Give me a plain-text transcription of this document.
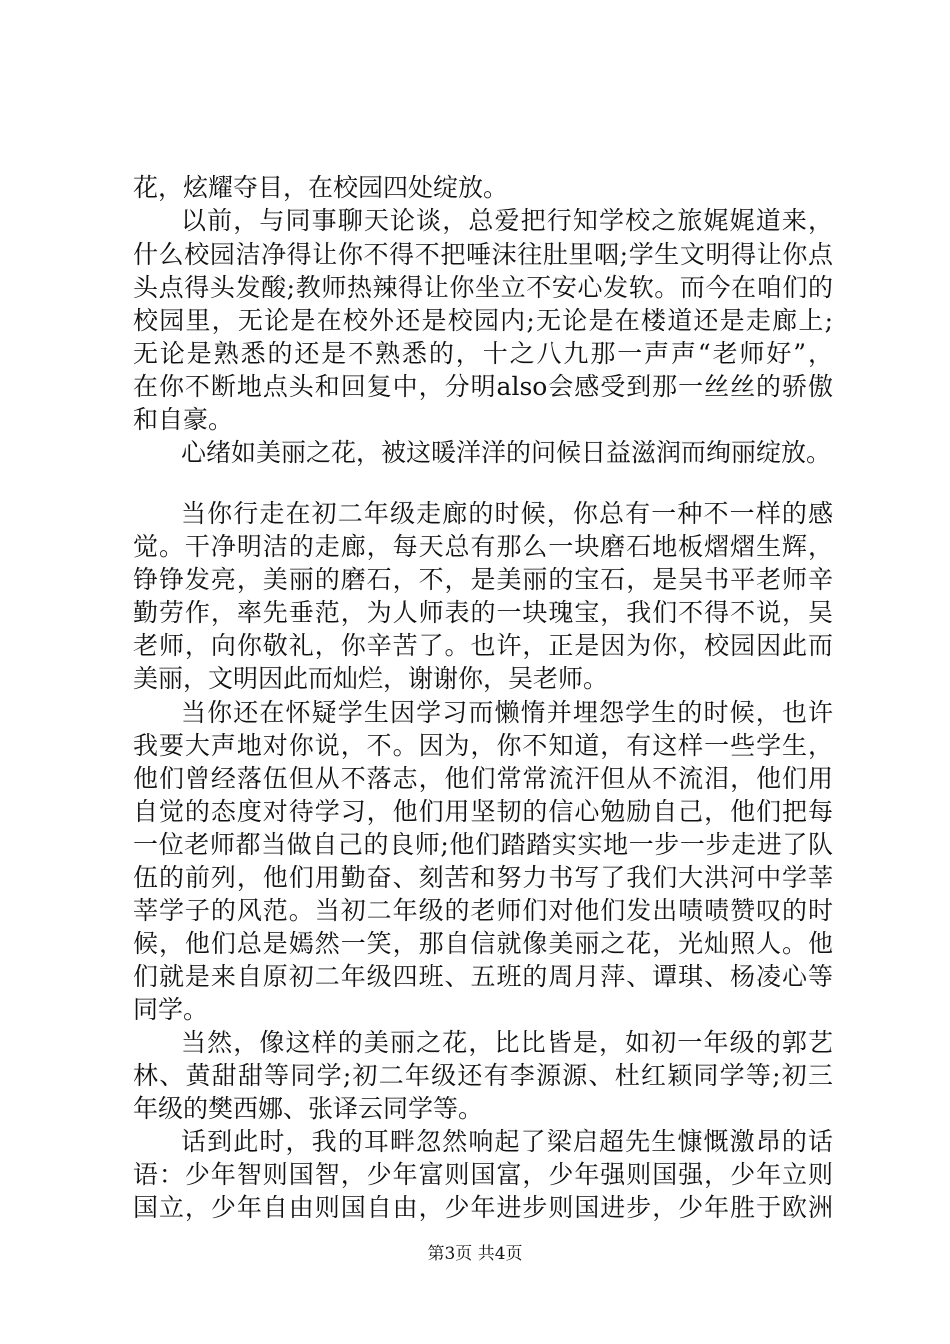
花，炫耀夺目，在校园四处绽放。
以前，与同事聊天论谈，总爱把行知学校之旅娓娓道来，
什么校园洁净得让你不得不把唾沫往肚里咽;学生文明得让你点
头点得头发酸;教师热辣得让你坐立不安心发软。而今在咱们的
校园里，无论是在校外还是校园内;无论是在楼道还是走廊上;
无论是熟悉的还是不熟悉的，十之八九那一声声“老师好”，
在你不断地点头和回复中，分明also会感受到那一丝丝的骄傲
和自豪。
心绪如美丽之花，被这暖洋洋的问候日益滋润而绚丽绽放。
当你行走在初二年级走廊的时候，你总有一种不一样的感
觉。干净明洁的走廊，每天总有那么一块磨石地板熠熠生辉，
铮铮发亮，美丽的磨石，不，是美丽的宝石，是吴书平老师辛
勤劳作，率先垂范，为人师表的一块瑰宝，我们不得不说，吴
老师，向你敬礼，你辛苦了。也许，正是因为你，校园因此而
美丽，文明因此而灿烂，谢谢你，吴老师。
当你还在怀疑学生因学习而懒惰并埋怨学生的时候，也许
我要大声地对你说，不。因为，你不知道，有这样一些学生，
他们曾经落伍但从不落志，他们常常流汗但从不流泪，他们用
自觉的态度对待学习，他们用坚韧的信心勉励自己，他们把每
一位老师都当做自己的良师;他们踏踏实实地一步一步走进了队
伍的前列，他们用勤奋、刻苦和努力书写了我们大洪河中学莘
莘学子的风范。当初二年级的老师们对他们发出啧啧赞叹的时
候，他们总是嫣然一笑，那自信就像美丽之花，光灿照人。他
们就是来自原初二年级四班、五班的周月萍、谭琪、杨凌心等
同学。
当然，像这样的美丽之花，比比皆是，如初一年级的郭艺
林、黄甜甜等同学;初二年级还有李源源、杜红颖同学等;初三
年级的樊西娜、张译云同学等。
话到此时，我的耳畔忽然响起了梁启超先生慷慨激昂的话
语：少年智则国智，少年富则国富，少年强则国强，少年立则
国立，少年自由则国自由，少年进步则国进步，少年胜于欧洲
第3页 共4页
